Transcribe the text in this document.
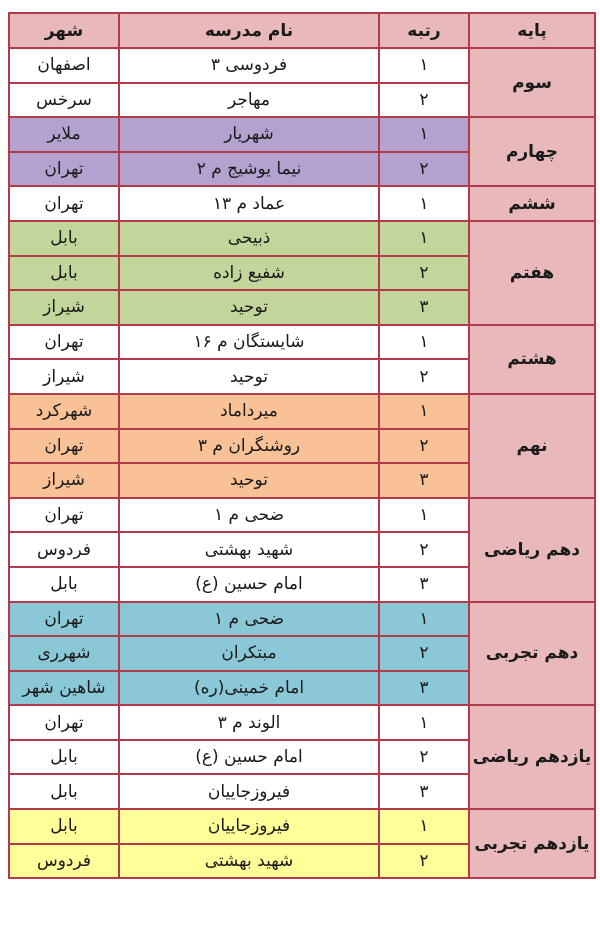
پایه	رتبه	نام مدرسه	شهر
سوم	۱	فردوسی ۳	اصفهان
	۲	مهاجر	سرخس
چهارم	۱	شهریار	ملایر
	۲	نیما یوشیج م ۲	تهران
ششم	۱	عماد م ۱۳	تهران
هفتم	۱	ذبیحی	بابل
	۲	شفیع زاده	بابل
	۳	توحید	شیراز
هشتم	۱	شایستگان م ۱۶	تهران
	۲	توحید	شیراز
نهم	۱	میرداماد	شهرکرد
	۲	روشنگران م ۳	تهران
	۳	توحید	شیراز
دهم ریاضی	۱	ضحی م ۱	تهران
	۲	شهید بهشتی	فردوس
	۳	امام حسین (ع)	بابل
دهم تجربی	۱	ضحی م ۱	تهران
	۲	مبتکران	شهرری
	۳	امام خمینی(ره)	شاهین شهر
یازدهم ریاضی	۱	الوند م ۳	تهران
	۲	امام حسین (ع)	بابل
	۳	فیروزجاییان	بابل
یازدهم تجربی	۱	فیروزجاییان	بابل
	۲	شهید بهشتی	فردوس
